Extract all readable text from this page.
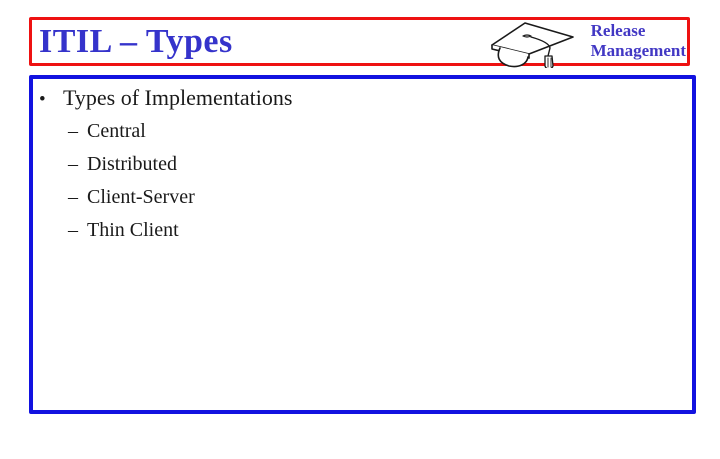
ITIL – Types	Release
Management
• Types of Implementations
– Central
– Distributed
– Client-Server
– Thin Client
